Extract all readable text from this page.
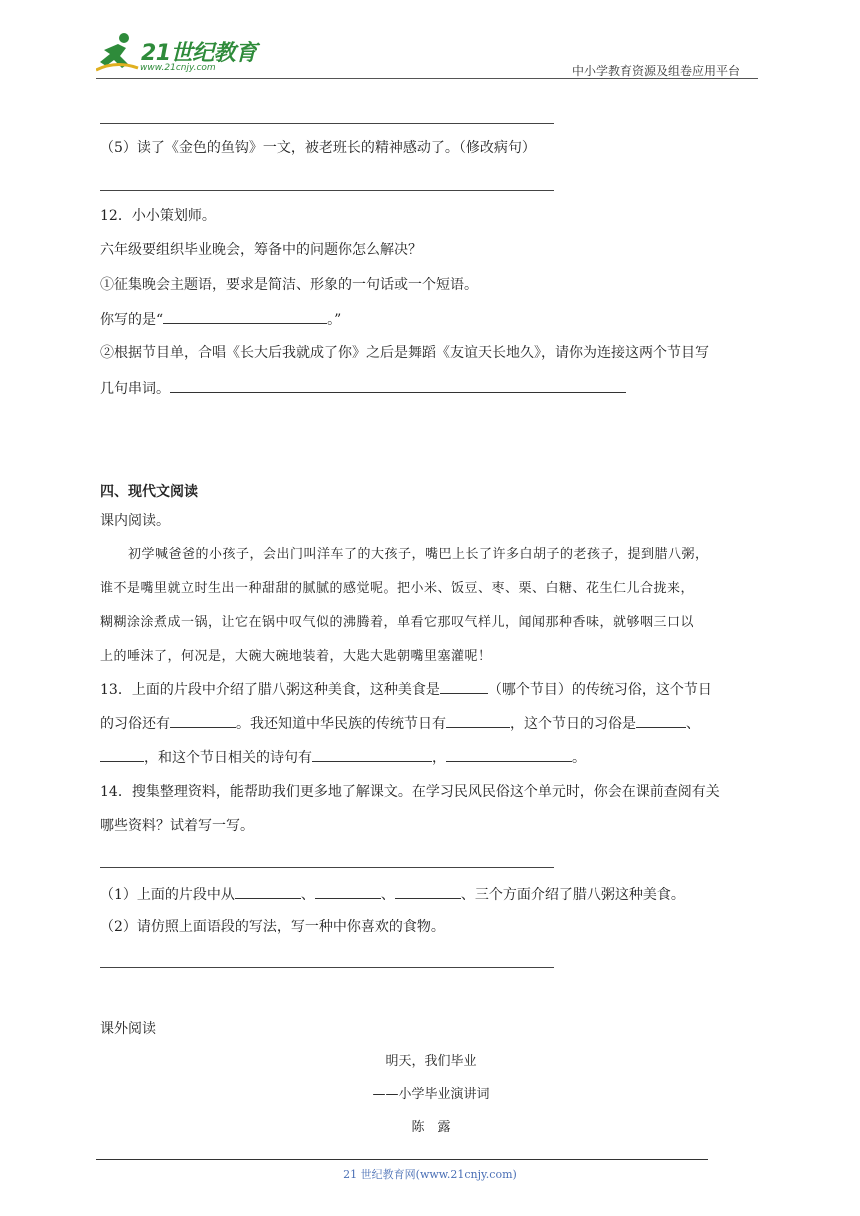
21世纪教育
www.21cnjy.com	中小学教育资源及组卷应用平台
（5）读了《金色的鱼钩》一文，被老班长的精神感动了。（修改病句）
12．小小策划师。
六年级要组织毕业晚会，筹备中的问题你怎么解决？
①征集晚会主题语，要求是简洁、形象的一句话或一个短语。
你写的是“	。”
②根据节目单，合唱《长大后我就成了你》之后是舞蹈《友谊天长地久》，请你为连接这两个节目写
几句串词。
四、现代文阅读
课内阅读。
初学喊爸爸的小孩子，会出门叫洋车了的大孩子，嘴巴上长了许多白胡子的老孩子，提到腊八粥，
谁不是嘴里就立时生出一种甜甜的腻腻的感觉呢。把小米、饭豆、枣、栗、白糖、花生仁儿合拢来，
糊糊涂涂煮成一锅，让它在锅中叹气似的沸腾着，单看它那叹气样儿，闻闻那种香味，就够咽三口以
上的唾沫了，何况是，大碗大碗地装着，大匙大匙朝嘴里塞灌呢！
13．上面的片段中介绍了腊八粥这种美食，这种美食是	（哪个节目）的传统习俗，这个节日
的习俗还有	。我还知道中华民族的传统节日有	，这个节日的习俗是	、
，和这个节日相关的诗句有	，	。
14．搜集整理资料，能帮助我们更多地了解课文。在学习民风民俗这个单元时，你会在课前查阅有关
哪些资料？试着写一写。
（1）上面的片段中从	、	、	、三个方面介绍了腊八粥这种美食。
（2）请仿照上面语段的写法，写一种中你喜欢的食物。
课外阅读
明天，我们毕业
——小学毕业演讲词
陈　露
21 世纪教育网(www.21cnjy.com)
